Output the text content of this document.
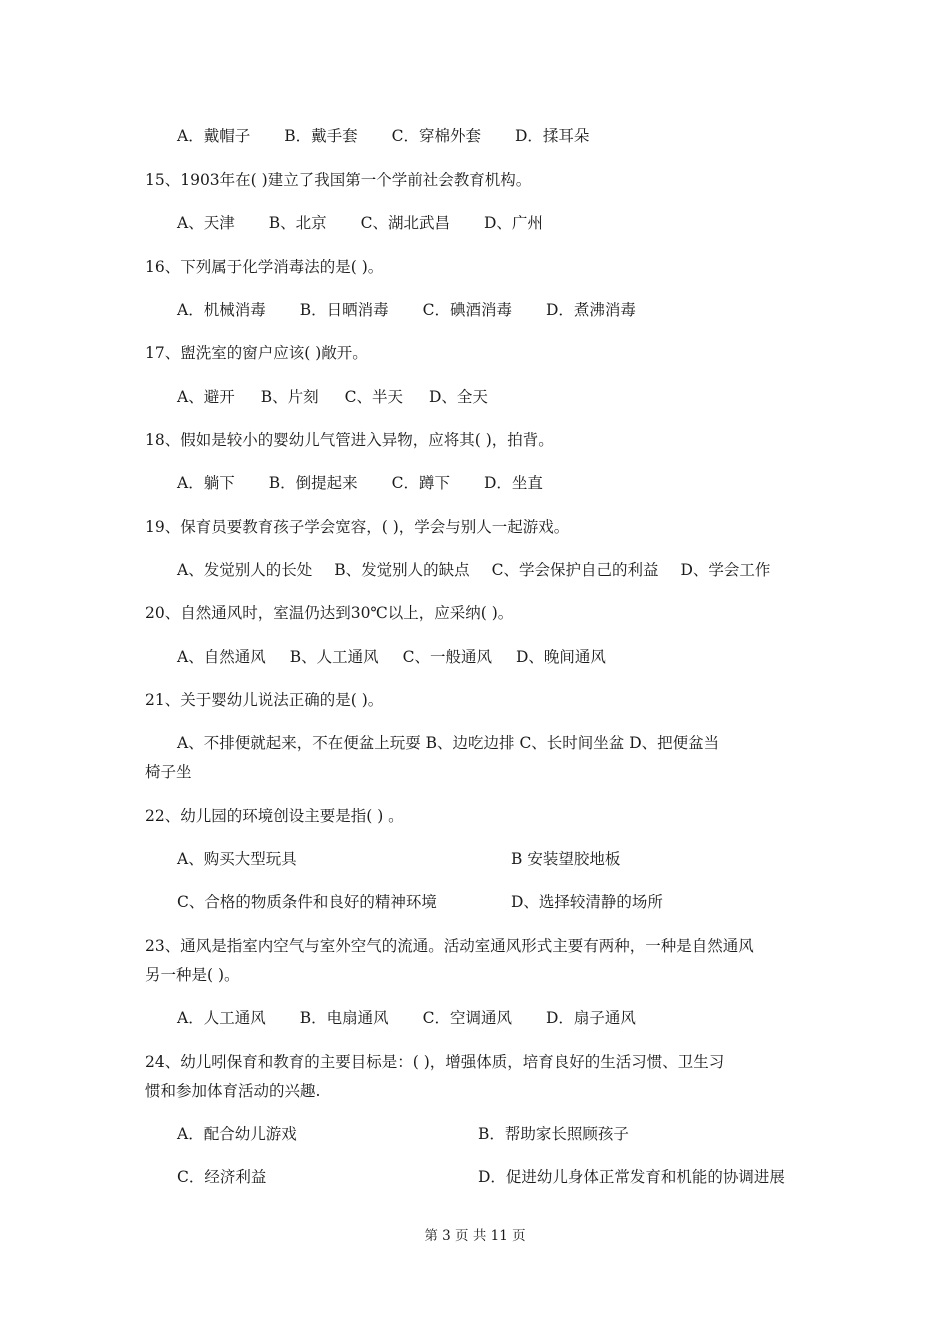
A．戴帽子 B．戴手套 C．穿棉外套 D．揉耳朵
15、1903年在( )建立了我国第一个学前社会教育机构。
A、天津 B、北京 C、湖北武昌 D、广州
16、下列属于化学消毒法的是( )。
A．机械消毒 B．日晒消毒 C．碘酒消毒 D．煮沸消毒
17、盥洗室的窗户应该( )敞开。
A、避开 B、片刻 C、半天 D、全天
18、假如是较小的婴幼儿气管进入异物，应将其( )，拍背。
A．躺下 B．倒提起来 C．蹲下 D．坐直
19、保育员要教育孩子学会宽容，( )，学会与别人一起游戏。
A、发觉别人的长处 B、发觉别人的缺点 C、学会保护自己的利益 D、学会工作
20、自然通风时，室温仍达到30℃以上，应采纳( )。
A、自然通风 B、人工通风 C、一般通风 D、晚间通风
21、关于婴幼儿说法正确的是( )。
A、不排便就起来，不在便盆上玩耍 B、边吃边排 C、长时间坐盆 D、把便盆当
椅子坐
22、幼儿园的环境创设主要是指( ) 。
A、购买大型玩具	B 安装望胶地板
C、合格的物质条件和良好的精神环境	D、选择较清静的场所
23、通风是指室内空气与室外空气的流通。活动室通风形式主要有两种，一种是自然通风
另一种是( )。
A．人工通风 B．电扇通风 C．空调通风 D．扇子通风
24、幼儿吲保育和教育的主要目标是：( )，增强体质，培育良好的生活习惯、卫生习
惯和参加体育活动的兴趣.
A．配合幼儿游戏	B．帮助家长照顾孩子
C．经济利益	D．促进幼儿身体正常发育和机能的协调进展
第 3 页 共 11 页
